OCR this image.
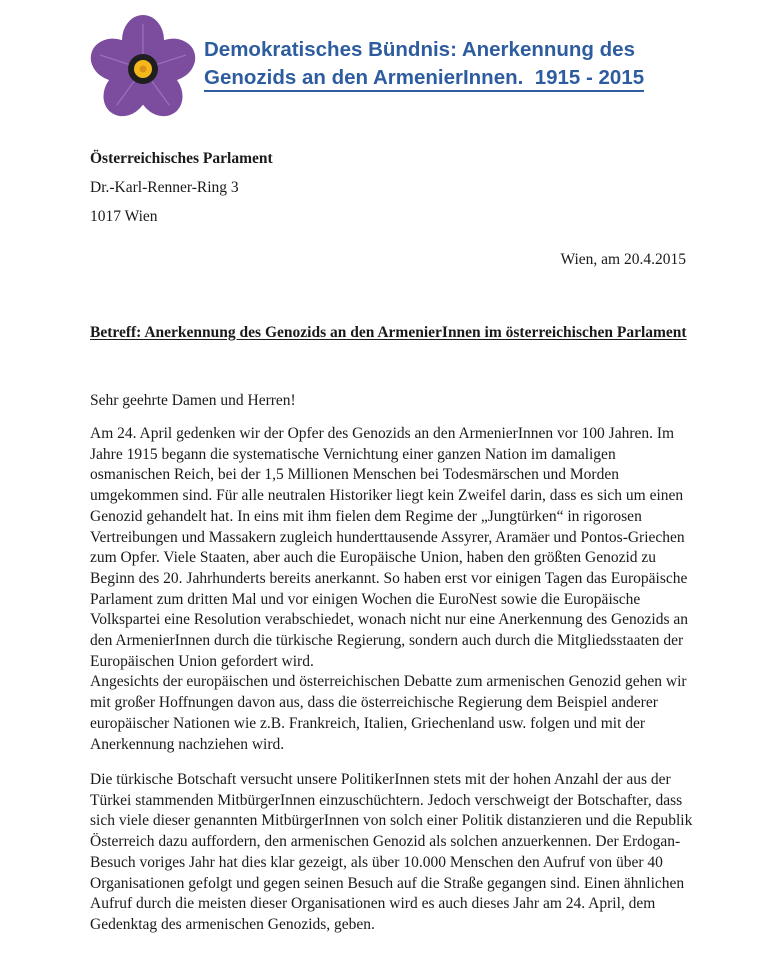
Demokratisches Bündnis: Anerkennung des
Genozids an den ArmenierInnen.  1915 - 2015
Österreichisches Parlament
Dr.-Karl-Renner-Ring 3
1017 Wien
Wien, am 20.4.2015
Betreff: Anerkennung des Genozids an den ArmenierInnen im österreichischen Parlament
Sehr geehrte Damen und Herren!
Am 24. April gedenken wir der Opfer des Genozids an den ArmenierInnen vor 100 Jahren. Im Jahre 1915 begann die systematische Vernichtung einer ganzen Nation im damaligen osmanischen Reich, bei der 1,5 Millionen Menschen bei Todesmärschen und Morden umgekommen sind. Für alle neutralen Historiker liegt kein Zweifel darin, dass es sich um einen Genozid gehandelt hat. In eins mit ihm fielen dem Regime der „Jungtürken“ in rigorosen Vertreibungen und Massakern zugleich hunderttausende Assyrer, Aramäer und Pontos-Griechen zum Opfer. Viele Staaten, aber auch die Europäische Union, haben den größten Genozid zu Beginn des 20. Jahrhunderts bereits anerkannt. So haben erst vor einigen Tagen das Europäische Parlament zum dritten Mal und vor einigen Wochen die EuroNest sowie die Europäische Volkspartei eine Resolution verabschiedet, wonach nicht nur eine Anerkennung des Genozids an den ArmenierInnen durch die türkische Regierung, sondern auch durch die Mitgliedsstaaten der Europäischen Union gefordert wird.
Angesichts der europäischen und österreichischen Debatte zum armenischen Genozid gehen wir mit großer Hoffnungen davon aus, dass die österreichische Regierung dem Beispiel anderer europäischer Nationen wie z.B. Frankreich, Italien, Griechenland usw. folgen und mit der Anerkennung nachziehen wird.
Die türkische Botschaft versucht unsere PolitikerInnen stets mit der hohen Anzahl der aus der Türkei stammenden MitbürgerInnen einzuschüchtern. Jedoch verschweigt der Botschafter, dass sich viele dieser genannten MitbürgerInnen von solch einer Politik distanzieren und die Republik Österreich dazu auffordern, den armenischen Genozid als solchen anzuerkennen. Der Erdogan-Besuch voriges Jahr hat dies klar gezeigt, als über 10.000 Menschen den Aufruf von über 40 Organisationen gefolgt und gegen seinen Besuch auf die Straße gegangen sind. Einen ähnlichen Aufruf durch die meisten dieser Organisationen wird es auch dieses Jahr am 24. April, dem Gedenktag des armenischen Genozids, geben.
